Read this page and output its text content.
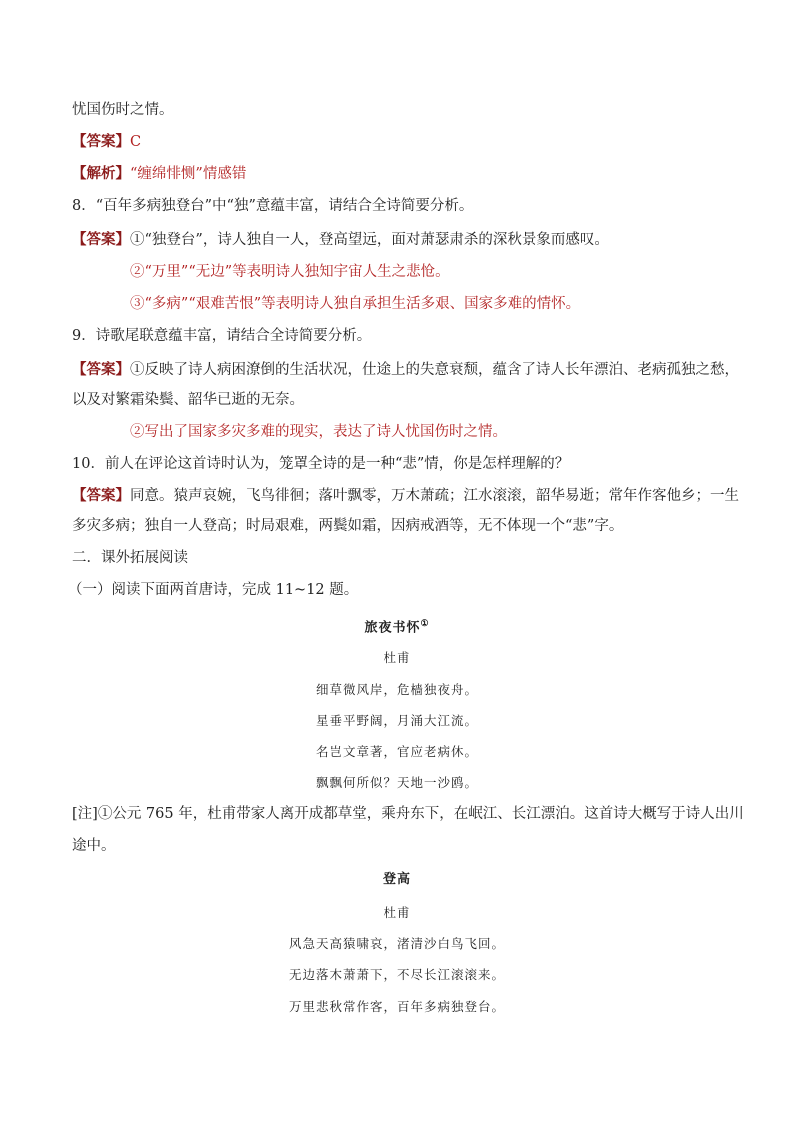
忧国伤时之情。
【答案】C
【解析】“缠绵悱恻”情感错
8．“百年多病独登台”中“独”意蕴丰富，请结合全诗简要分析。
【答案】①“独登台”，诗人独自一人，登高望远，面对萧瑟肃杀的深秋景象而感叹。
②“万里”“无边”等表明诗人独知宇宙人生之悲怆。
③“多病”“艰难苦恨”等表明诗人独自承担生活多艰、国家多难的情怀。
9．诗歌尾联意蕴丰富，请结合全诗简要分析。
【答案】①反映了诗人病困潦倒的生活状况，仕途上的失意衰颓，蕴含了诗人长年漂泊、老病孤独之愁，
以及对繁霜染鬓、韶华已逝的无奈。
②写出了国家多灾多难的现实，表达了诗人忧国伤时之情。
10．前人在评论这首诗时认为，笼罩全诗的是一种“悲”情，你是怎样理解的？
【答案】同意。猿声哀婉，飞鸟徘徊；落叶飘零，万木萧疏；江水滚滚，韶华易逝；常年作客他乡；一生
多灾多病；独自一人登高；时局艰难，两鬓如霜，因病戒酒等，无不体现一个“悲”字。
二．课外拓展阅读
（一）阅读下面两首唐诗，完成 11~12 题。
旅夜书怀①
杜甫
细草微风岸，危樯独夜舟。
星垂平野阔，月涌大江流。
名岂文章著，官应老病休。
飘飘何所似？天地一沙鸥。
[注]①公元 765 年，杜甫带家人离开成都草堂，乘舟东下，在岷江、长江漂泊。这首诗大概写于诗人出川
途中。
登高
杜甫
风急天高猿啸哀，渚清沙白鸟飞回。
无边落木萧萧下，不尽长江滚滚来。
万里悲秋常作客，百年多病独登台。
